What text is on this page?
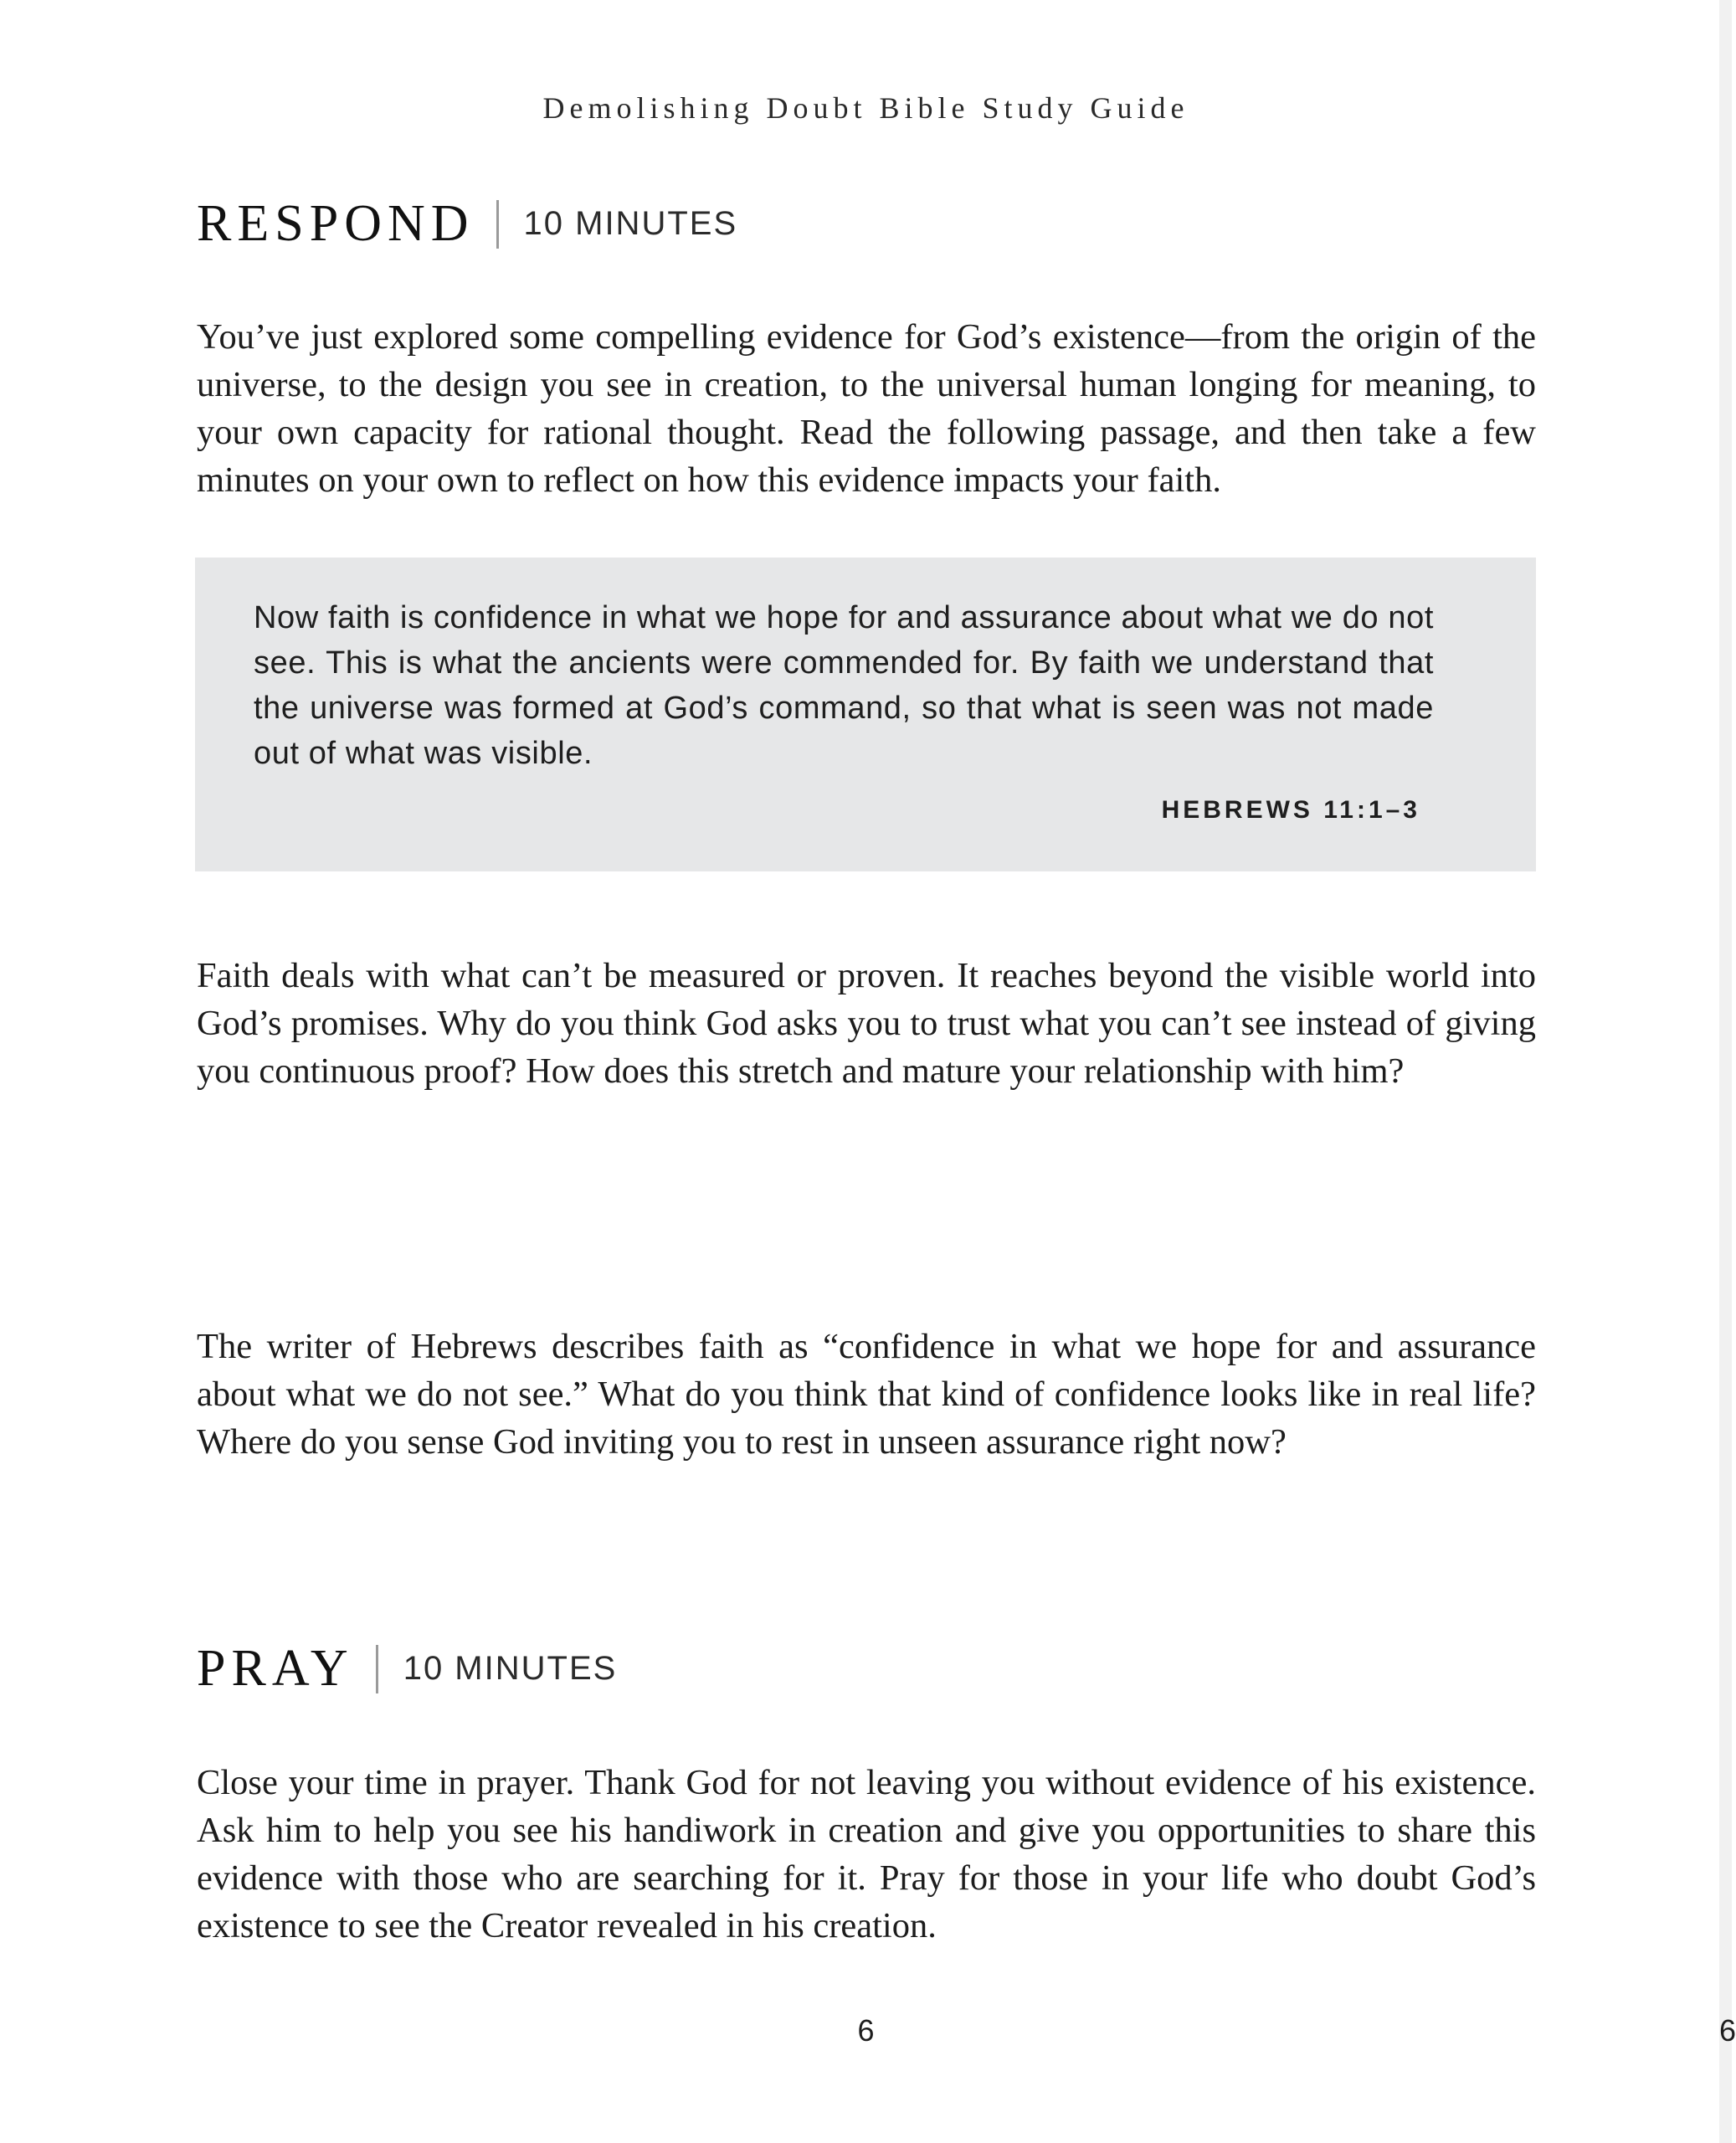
Demolishing Doubt Bible Study Guide
RESPOND 10 MINUTES

You’ve just explored some compelling evidence for God’s existence—from the origin of the universe, to the design you see in creation, to the universal human longing for meaning, to your own capacity for rational thought. Read the following passage, and then take a few minutes on your own to reflect on how this evidence impacts your faith.

Now faith is confidence in what we hope for and assurance about what we do not see. This is what the ancients were commended for. By faith we understand that the universe was formed at God’s command, so that what is seen was not made out of what was visible.

HEBREWS 11:1–3

Faith deals with what can’t be measured or proven. It reaches beyond the visible world into God’s promises. Why do you think God asks you to trust what you can’t see instead of giving you continuous proof? How does this stretch and mature your relationship with him?

The writer of Hebrews describes faith as “confidence in what we hope for and assurance about what we do not see.” What do you think that kind of confidence looks like in real life? Where do you sense God inviting you to rest in unseen assurance right now?

PRAY 10 MINUTES

Close your time in prayer. Thank God for not leaving you without evidence of his existence. Ask him to help you see his handiwork in creation and give you opportunities to share this evidence with those who are searching for it. Pray for those in your life who doubt God’s existence to see the Creator revealed in his creation.

6	6
